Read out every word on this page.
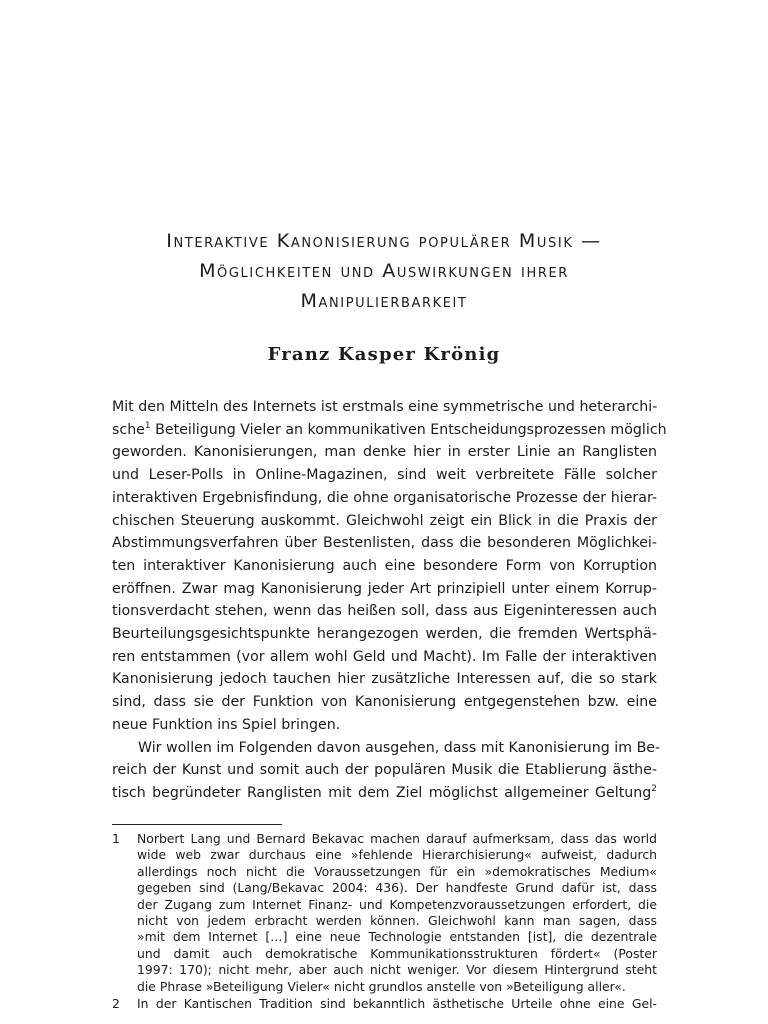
Interaktive Kanonisierung populärer Musik —
Möglichkeiten und Auswirkungen ihrer
Manipulierbarkeit
Franz Kasper Krönig
Mit den Mitteln des Internets ist erstmals eine symmetrische und heterarchi-
sche$^1$ Beteiligung Vieler an kommunikativen Entscheidungsprozessen möglich
geworden. Kanonisierungen, man denke hier in erster Linie an Ranglisten
und Leser-Polls in Online-Magazinen, sind weit verbreitete Fälle solcher
interaktiven Ergebnisfindung, die ohne organisatorische Prozesse der hierar-
chischen Steuerung auskommt. Gleichwohl zeigt ein Blick in die Praxis der
Abstimmungsverfahren über Bestenlisten, dass die besonderen Möglichkei-
ten interaktiver Kanonisierung auch eine besondere Form von Korruption
eröffnen. Zwar mag Kanonisierung jeder Art prinzipiell unter einem Korrup-
tionsverdacht stehen, wenn das heißen soll, dass aus Eigeninteressen auch
Beurteilungsgesichtspunkte herangezogen werden, die fremden Wertsphä-
ren entstammen (vor allem wohl Geld und Macht). Im Falle der interaktiven
Kanonisierung jedoch tauchen hier zusätzliche Interessen auf, die so stark
sind, dass sie der Funktion von Kanonisierung entgegenstehen bzw. eine
neue Funktion ins Spiel bringen.
Wir wollen im Folgenden davon ausgehen, dass mit Kanonisierung im Be-
reich der Kunst und somit auch der populären Musik die Etablierung ästhe-
tisch begründeter Ranglisten mit dem Ziel möglichst allgemeiner Geltung$^2$
1 Norbert Lang und Bernard Bekavac machen darauf aufmerksam, dass das world
wide web zwar durchaus eine »fehlende Hierarchisierung« aufweist, dadurch
allerdings noch nicht die Voraussetzungen für ein »demokratisches Medium«
gegeben sind (Lang/Bekavac 2004: 436). Der handfeste Grund dafür ist, dass
der Zugang zum Internet Finanz- und Kompetenzvoraussetzungen erfordert, die
nicht von jedem erbracht werden können. Gleichwohl kann man sagen, dass
»mit dem Internet […] eine neue Technologie entstanden [ist], die dezentrale
und damit auch demokratische Kommunikationsstrukturen fördert« (Poster
1997: 170); nicht mehr, aber auch nicht weniger. Vor diesem Hintergrund steht
die Phrase »Beteiligung Vieler« nicht grundlos anstelle von »Beteiligung aller«.
2 In der Kantischen Tradition sind bekanntlich ästhetische Urteile ohne eine Gel-
